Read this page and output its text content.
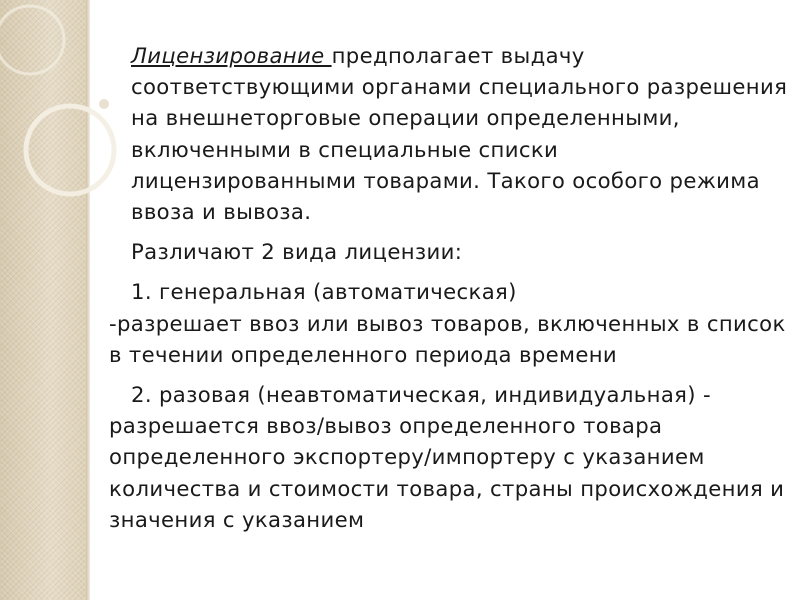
Лицензирование предполагает выдачу соответствующими органами специального разрешения на внешнеторговые операции определенными, включенными в специальные списки лицензированными товарами. Такого особого режима ввоза и вывоза.

Различают 2 вида лицензии:

1. генеральная (автоматическая)
-разрешает ввоз или вывоз товаров, включенных в список в течении определенного периода времени

2. разовая (неавтоматическая, индивидуальная) - разрешается ввоз/вывоз определенного товара определенного экспортеру/импортеру с указанием количества и стоимости товара, страны происхождения и значения с указанием
